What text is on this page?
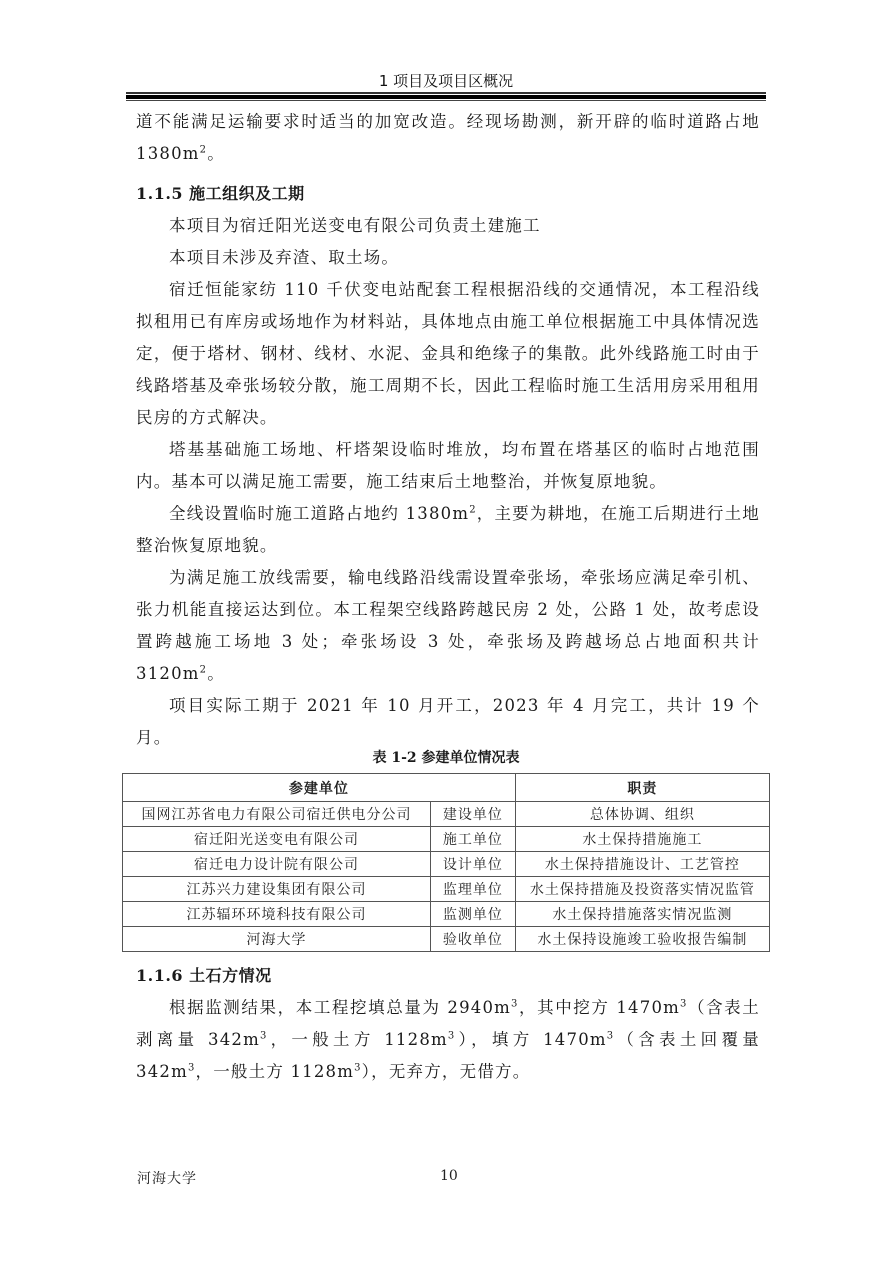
1 项目及项目区概况

道不能满足运输要求时适当的加宽改造。经现场勘测，新开辟的临时道路占地$1380m^2$。

1.1.5 施工组织及工期

本项目为宿迁阳光送变电有限公司负责土建施工

本项目未涉及弃渣、取土场。

宿迁恒能家纺 110 千伏变电站配套工程根据沿线的交通情况，本工程沿线拟租用已有库房或场地作为材料站，具体地点由施工单位根据施工中具体情况选定，便于塔材、钢材、线材、水泥、金具和绝缘子的集散。此外线路施工时由于线路塔基及牵张场较分散，施工周期不长，因此工程临时施工生活用房采用租用民房的方式解决。

塔基基础施工场地、杆塔架设临时堆放，均布置在塔基区的临时占地范围内。基本可以满足施工需要，施工结束后土地整治，并恢复原地貌。

全线设置临时施工道路占地约 $1380m^2$，主要为耕地，在施工后期进行土地整治恢复原地貌。

为满足施工放线需要，输电线路沿线需设置牵张场，牵张场应满足牵引机、张力机能直接运达到位。本工程架空线路跨越民房 2 处，公路 1 处，故考虑设置跨越施工场地 3 处；牵张场设 3 处，牵张场及跨越场总占地面积共计 $3120m^2$。

项目实际工期于 2021 年 10 月开工，2023 年 4 月完工，共计 19 个月。

表 1-2 参建单位情况表
参建单位		职责
国网江苏省电力有限公司宿迁供电分公司	建设单位	总体协调、组织
宿迁阳光送变电有限公司	施工单位	水土保持措施施工
宿迁电力设计院有限公司	设计单位	水土保持措施设计、工艺管控
江苏兴力建设集团有限公司	监理单位	水土保持措施及投资落实情况监管
江苏辐环环境科技有限公司	监测单位	水土保持措施落实情况监测
河海大学	验收单位	水土保持设施竣工验收报告编制

1.1.6 土石方情况

根据监测结果，本工程挖填总量为 $2940m^3$，其中挖方 $1470m^3$（含表土剥离量 $342m^3$，一般土方 $1128m^3$），填方 $1470m^3$（含表土回覆量 $342m^3$，一般土方 $1128m^3$），无弃方，无借方。

河海大学	10
